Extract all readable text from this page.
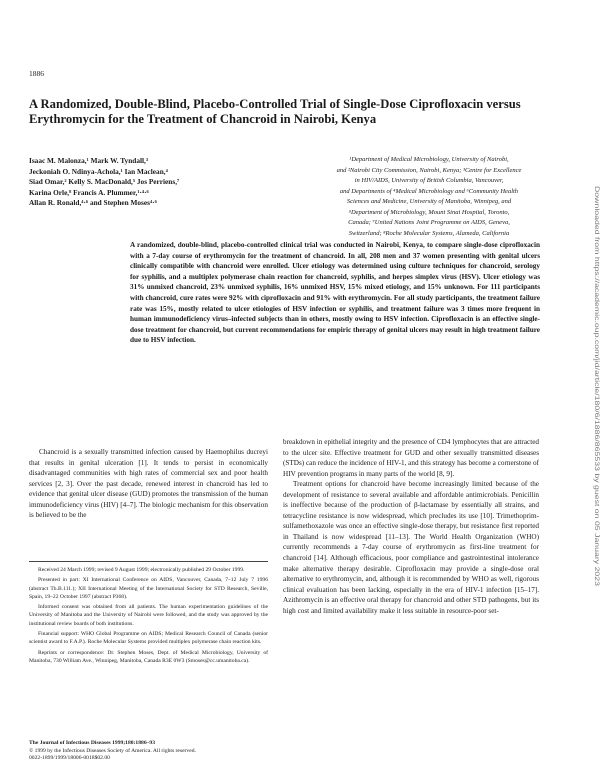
1886
A Randomized, Double-Blind, Placebo-Controlled Trial of Single-Dose Ciprofloxacin versus Erythromycin for the Treatment of Chancroid in Nairobi, Kenya
Isaac M. Malonza,¹ Mark W. Tyndall,³
Jeckoniah O. Ndinya-Achola,¹ Ian Maclean,⁴
Siad Omar,² Kelly S. MacDonald,⁵ Jos Perriens,⁷
Karina Orle,⁸ Francis A. Plummer,¹·⁴·⁶
Allan R. Ronald,⁴·⁶ and Stephen Moses⁴·⁶
¹Department of Medical Microbiology, University of Nairobi,
and ²Nairobi City Commission, Nairobi, Kenya; ³Centre for Excellence
in HIV/AIDS, University of British Columbia, Vancouver,
and Departments of ⁴Medical Microbiology and ⁶Community Health
Sciences and Medicine, University of Manitoba, Winnipeg, and
⁵Department of Microbiology, Mount Sinai Hospital, Toronto,
Canada; ⁷United Nations Joint Programme on AIDS, Geneva,
Switzerland; ⁸Roche Molecular Systems, Alameda, California

A randomized, double-blind, placebo-controlled clinical trial was conducted in Nairobi, Kenya, to compare single-dose ciprofloxacin with a 7-day course of erythromycin for the treatment of chancroid. In all, 208 men and 37 women presenting with genital ulcers clinically compatible with chancroid were enrolled. Ulcer etiology was determined using culture techniques for chancroid, serology for syphilis, and a multiplex polymerase chain reaction for chancroid, syphilis, and herpes simplex virus (HSV). Ulcer etiology was 31% unmixed chancroid, 23% unmixed syphilis, 16% unmixed HSV, 15% mixed etiology, and 15% unknown. For 111 participants with chancroid, cure rates were 92% with ciprofloxacin and 91% with erythromycin. For all study participants, the treatment failure rate was 15%, mostly related to ulcer etiologies of HSV infection or syphilis, and treatment failure was 3 times more frequent in human immunodeficiency virus–infected subjects than in others, mostly owing to HSV infection. Ciprofloxacin is an effective single-dose treatment for chancroid, but current recommendations for empiric therapy of genital ulcers may result in high treatment failure due to HSV infection.

Chancroid is a sexually transmitted infection caused by Haemophilus ducreyi that results in genital ulceration [1]. It tends to persist in economically disadvantaged communities with high rates of commercial sex and poor health services [2, 3]. Over the past decade, renewed interest in chancroid has led to evidence that genital ulcer disease (GUD) promotes the transmission of the human immunodeficiency virus (HIV) [4–7]. The biologic mechanism for this observation is believed to be the

breakdown in epithelial integrity and the presence of CD4 lymphocytes that are attracted to the ulcer site. Effective treatment for GUD and other sexually transmitted diseases (STDs) can reduce the incidence of HIV-1, and this strategy has become a cornerstone of HIV prevention programs in many parts of the world [8, 9].

Treatment options for chancroid have become increasingly limited because of the development of resistance to several available and affordable antimicrobials. Penicillin is ineffective because of the production of β-lactamase by essentially all strains, and tetracycline resistance is now widespread, which precludes its use [10]. Trimethoprim-sulfamethoxazole was once an effective single-dose therapy, but resistance first reported in Thailand is now widespread [11–13]. The World Health Organization (WHO) currently recommends a 7-day course of erythromycin as first-line treatment for chancroid [14]. Although efficacious, poor compliance and gastrointestinal intolerance make alternative therapy desirable. Ciprofloxacin may provide a single-dose oral alternative to erythromycin, and, although it is recommended by WHO as well, rigorous clinical evaluation has been lacking, especially in the era of HIV-1 infection [15–17]. Azithromycin is an effective oral therapy for chancroid and other STD pathogens, but its high cost and limited availability make it less suitable in resource-poor set-

Received 24 March 1999; revised 9 August 1999; electronically published 29 October 1999.

Presented in part: XI International Conference on AIDS, Vancouver, Canada, 7–12 July 7 1996 (abstract Th.B.111.); XII International Meeting of the International Society for STD Research, Seville, Spain, 19–22 October 1997 (abstract P368).

Informed consent was obtained from all patients. The human experimentation guidelines of the University of Manitoba and the University of Nairobi were followed, and the study was approved by the institutional review boards of both institutions.

Financial support: WHO Global Programme on AIDS; Medical Research Council of Canada (senior scientist award to F.A.P.). Roche Molecular Systems provided multiplex polymerase chain reaction kits.

Reprints or correspondence: Dr. Stephen Moses, Dept. of Medical Microbiology, University of Manitoba, 730 William Ave., Winnipeg, Manitoba, Canada R3E 0W3 (Smoses@cc.umanitoba.ca).

The Journal of Infectious Diseases 1999;180:1886–93
© 1999 by the Infectious Diseases Society of America. All rights reserved.
0022-1899/1999/18006-0018$02.00
Downloaded from https://academic.oup.com/jid/article/180/6/1886/865533 by guest on 05 January 2023
